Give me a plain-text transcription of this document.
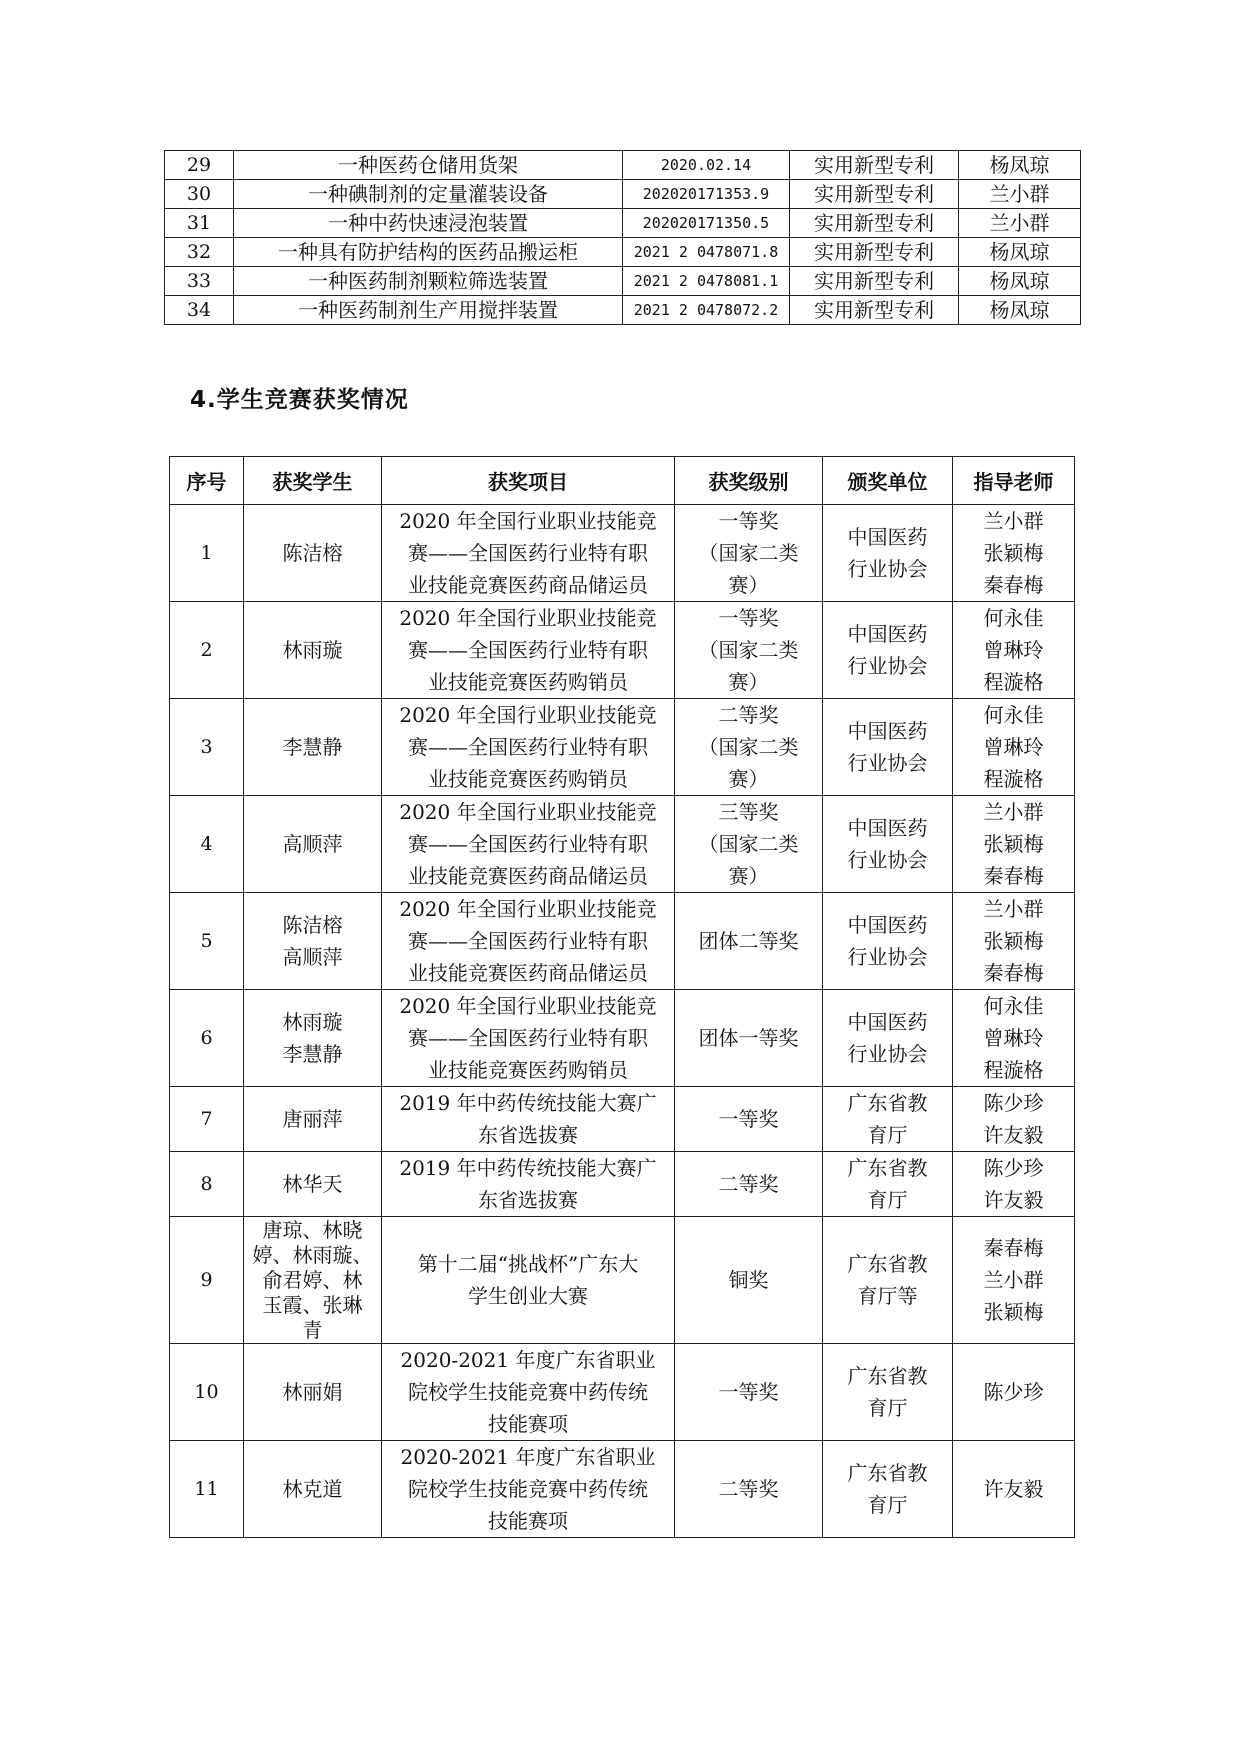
29	一种医药仓储用货架	2020.02.14	实用新型专利	杨凤琼
30	一种碘制剂的定量灌装设备	202020171353.9	实用新型专利	兰小群
31	一种中药快速浸泡装置	202020171350.5	实用新型专利	兰小群
32	一种具有防护结构的医药品搬运柜	2021 2 0478071.8	实用新型专利	杨凤琼
33	一种医药制剂颗粒筛选装置	2021 2 0478081.1	实用新型专利	杨凤琼
34	一种医药制剂生产用搅拌装置	2021 2 0478072.2	实用新型专利	杨凤琼
4.学生竞赛获奖情况
序号	获奖学生	获奖项目	获奖级别	颁奖单位	指导老师
1	陈洁榕	2020 年全国行业职业技能竞
赛——全国医药行业特有职
业技能竞赛医药商品储运员	一等奖
（国家二类
赛）	中国医药
行业协会	兰小群
张颖梅
秦春梅
2	林雨璇	2020 年全国行业职业技能竞
赛——全国医药行业特有职
业技能竞赛医药购销员	一等奖
（国家二类
赛）	中国医药
行业协会	何永佳
曾琳玲
程漩格
3	李慧静	2020 年全国行业职业技能竞
赛——全国医药行业特有职
业技能竞赛医药购销员	二等奖
（国家二类
赛）	中国医药
行业协会	何永佳
曾琳玲
程漩格
4	高顺萍	2020 年全国行业职业技能竞
赛——全国医药行业特有职
业技能竞赛医药商品储运员	三等奖
（国家二类
赛）	中国医药
行业协会	兰小群
张颖梅
秦春梅
5	陈洁榕
高顺萍	2020 年全国行业职业技能竞
赛——全国医药行业特有职
业技能竞赛医药商品储运员	团体二等奖	中国医药
行业协会	兰小群
张颖梅
秦春梅
6	林雨璇
李慧静	2020 年全国行业职业技能竞
赛——全国医药行业特有职
业技能竞赛医药购销员	团体一等奖	中国医药
行业协会	何永佳
曾琳玲
程漩格
7	唐丽萍	2019 年中药传统技能大赛广
东省选拔赛	一等奖	广东省教
育厅	陈少珍
许友毅
8	林华天	2019 年中药传统技能大赛广
东省选拔赛	二等奖	广东省教
育厅	陈少珍
许友毅
9	唐琼、林晓
婷、林雨璇、
俞君婷、林
玉霞、张琳
青	第十二届“挑战杯”广东大
学生创业大赛	铜奖	广东省教
育厅等	秦春梅
兰小群
张颖梅
10	林丽娟	2020-2021 年度广东省职业
院校学生技能竞赛中药传统
技能赛项	一等奖	广东省教
育厅	陈少珍
11	林克道	2020-2021 年度广东省职业
院校学生技能竞赛中药传统
技能赛项	二等奖	广东省教
育厅	许友毅
